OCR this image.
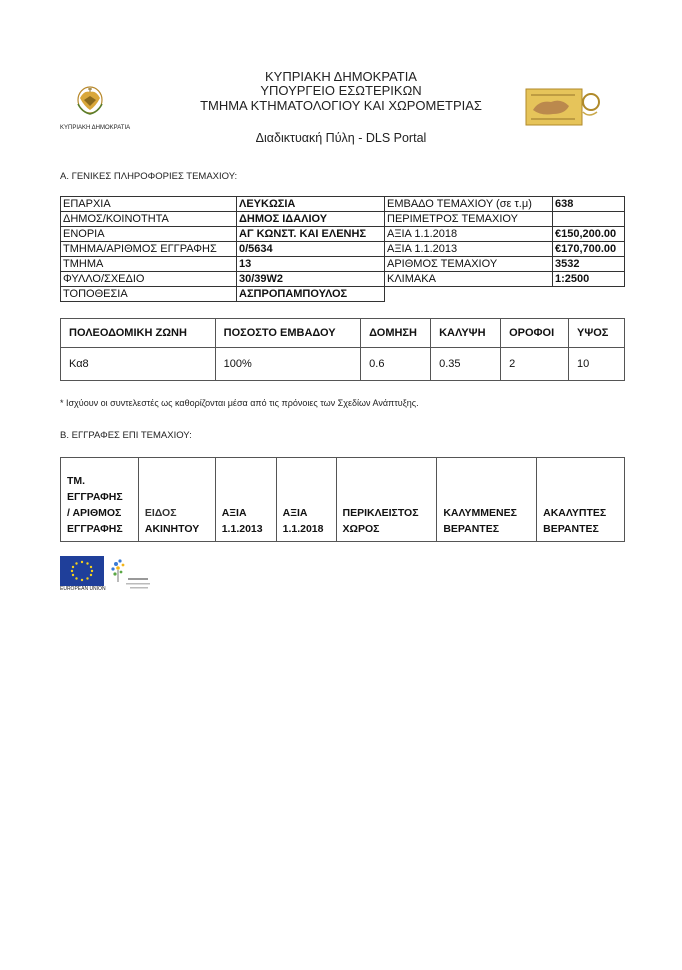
ΚΥΠΡΙΑΚΗ ΔΗΜΟΚΡΑΤΙΑ
ΚΥΠΡΙΑΚΗ ΔΗΜΟΚΡΑΤΙΑ
ΥΠΟΥΡΓΕΙΟ ΕΣΩΤΕΡΙΚΩΝ
ΤΜΗΜΑ ΚΤΗΜΑΤΟΛΟΓΙΟΥ ΚΑΙ ΧΩΡΟΜΕΤΡΙΑΣ
Διαδικτυακή Πύλη - DLS Portal
Α. ΓΕΝΙΚΕΣ ΠΛΗΡΟΦΟΡΙΕΣ ΤΕΜΑΧΙΟΥ:
ΕΠΑΡΧΙΑ	ΛΕΥΚΩΣΙΑ	ΕΜΒΑΔΟ ΤΕΜΑΧΙΟΥ (σε τ.μ)	638
ΔΗΜΟΣ/ΚΟΙΝΟΤΗΤΑ	ΔΗΜΟΣ ΙΔΑΛΙΟΥ	ΠΕΡΙΜΕΤΡΟΣ ΤΕΜΑΧΙΟΥ	
ΕΝΟΡΙΑ	ΑΓ ΚΩΝΣΤ. ΚΑΙ ΕΛΕΝΗΣ	ΑΞΙΑ 1.1.2018	€150,200.00
ΤΜΗΜΑ/ΑΡΙΘΜΟΣ ΕΓΓΡΑΦΗΣ	0/5634	ΑΞΙΑ 1.1.2013	€170,700.00
ΤΜΗΜΑ	13	ΑΡΙΘΜΟΣ ΤΕΜΑΧΙΟΥ	3532
ΦΥΛΛΟ/ΣΧΕΔΙΟ	30/39W2	ΚΛΙΜΑΚΑ	1:2500
ΤΟΠΟΘΕΣΙΑ	ΑΣΠΡΟΠΑΜΠΟΥΛΟΣ		
ΠΟΛΕΟΔΟΜΙΚΗ ΖΩΝΗ	ΠΟΣΟΣΤΟ ΕΜΒΑΔΟΥ	ΔΟΜΗΣΗ	ΚΑΛΥΨΗ	ΟΡΟΦΟΙ	ΥΨΟΣ
Κα8	100%	0.6	0.35	2	10
* Ισχύουν οι συντελεστές ως καθορίζονται μέσα από τις πρόνοιες των Σχεδίων Ανάπτυξης.
Β. ΕΓΓΡΑΦΕΣ ΕΠΙ ΤΕΜΑΧΙΟΥ:
ΤΜ.
ΕΓΓΡΑΦΗΣ
/ ΑΡΙΘΜΟΣ
ΕΓΓΡΑΦΗΣ

ΕΙΔΟΣ
ΑΚΙΝΗΤΟΥ

ΑΞΙΑ
1.1.2013

ΑΞΙΑ
1.1.2018

ΠΕΡΙΚΛΕΙΣΤΟΣ
ΧΩΡΟΣ

ΚΑΛΥΜΜΕΝΕΣ
ΒΕΡΑΝΤΕΣ

ΑΚΑΛΥΠΤΕΣ
ΒΕΡΑΝΤΕΣ
EUROPEAN UNION
